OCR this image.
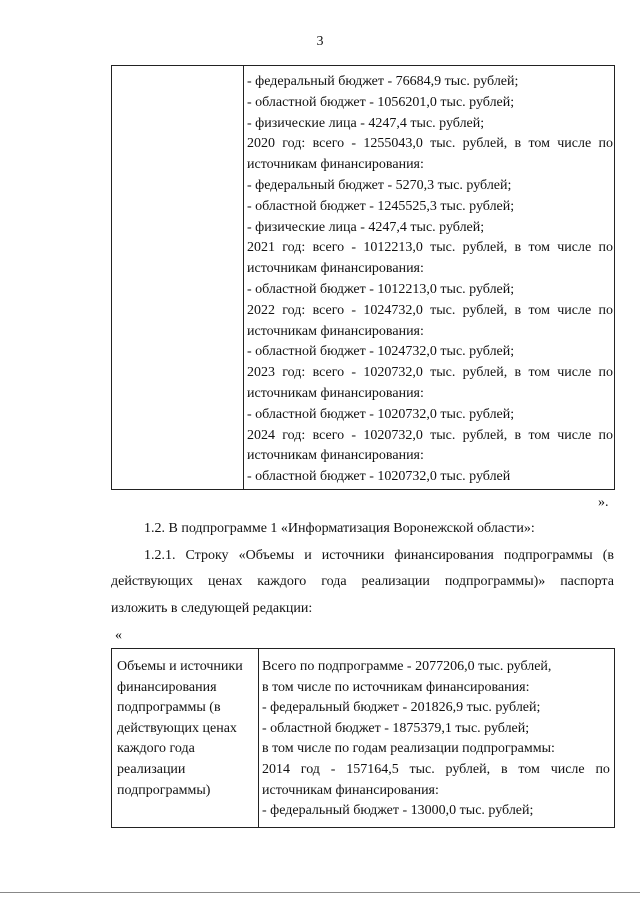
3
- федеральный бюджет - 76684,9 тыс. рублей;
- областной бюджет - 1056201,0 тыс. рублей;
- физические лица - 4247,4 тыс. рублей;
2020 год: всего - 1255043,0 тыс. рублей, в том числе по
источникам финансирования:
- федеральный бюджет - 5270,3 тыс. рублей;
- областной бюджет - 1245525,3 тыс. рублей;
- физические лица - 4247,4 тыс. рублей;
2021 год: всего - 1012213,0 тыс. рублей, в том числе по
источникам финансирования:
- областной бюджет - 1012213,0 тыс. рублей;
2022 год: всего - 1024732,0 тыс. рублей, в том числе по
источникам финансирования:
- областной бюджет - 1024732,0 тыс. рублей;
2023 год: всего - 1020732,0 тыс. рублей, в том числе по
источникам финансирования:
- областной бюджет - 1020732,0 тыс. рублей;
2024 год: всего - 1020732,0 тыс. рублей, в том числе по
источникам финансирования:
- областной бюджет - 1020732,0 тыс. рублей
».
1.2. В подпрограмме 1 «Информатизация Воронежской области»:
1.2.1. Строку «Объемы и источники финансирования подпрограммы (в
действующих ценах каждого года реализации подпрограммы)» паспорта
изложить в следующей редакции:
«
Объемы и источники
финансирования
подпрограммы (в
действующих ценах
каждого года
реализации
подпрограммы)
Всего по подпрограмме - 2077206,0 тыс. рублей,
в том числе по источникам финансирования:
- федеральный бюджет - 201826,9 тыс. рублей;
- областной бюджет - 1875379,1 тыс. рублей;
в том числе по годам реализации подпрограммы:
2014 год - 157164,5 тыс. рублей, в том числе по
источникам финансирования:
- федеральный бюджет - 13000,0 тыс. рублей;
